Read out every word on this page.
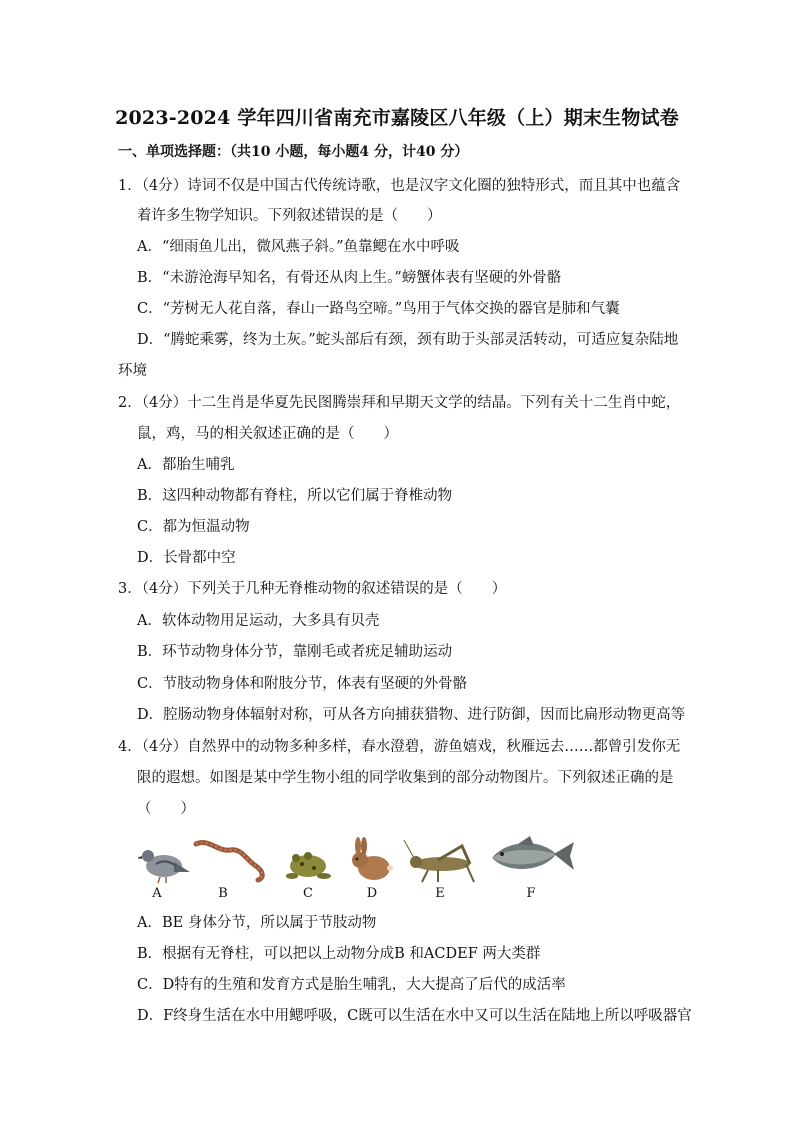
2023-2024 学年四川省南充市嘉陵区八年级（上）期末生物试卷
一、单项选择题：（共10 小题，每小题4 分，计40 分）
1．（4分）诗词不仅是中国古代传统诗歌，也是汉字文化圈的独特形式，而且其中也蕴含
着许多生物学知识。下列叙述错误的是（　　）
A．“细雨鱼儿出，微风燕子斜。”鱼靠鳃在水中呼吸
B．“未游沧海早知名，有骨还从肉上生。”螃蟹体表有坚硬的外骨骼
C．“芳树无人花自落，春山一路鸟空啼。”鸟用于气体交换的器官是肺和气囊
D．“腾蛇乘雾，终为土灰。”蛇头部后有颈，颈有助于头部灵活转动，可适应复杂陆地
环境
2．（4分）十二生肖是华夏先民图腾崇拜和早期天文学的结晶。下列有关十二生肖中蛇，
鼠，鸡，马的相关叙述正确的是（　　）
A．都胎生哺乳
B．这四种动物都有脊柱，所以它们属于脊椎动物
C．都为恒温动物
D．长骨都中空
3．（4分）下列关于几种无脊椎动物的叙述错误的是（　　）
A．软体动物用足运动，大多具有贝壳
B．环节动物身体分节，靠刚毛或者疣足辅助运动
C．节肢动物身体和附肢分节，体表有坚硬的外骨骼
D．腔肠动物身体辐射对称，可从各方向捕获猎物、进行防御，因而比扁形动物更高等
4．（4分）自然界中的动物多种多样，春水澄碧，游鱼嬉戏，秋雁远去……都曾引发你无
限的遐想。如图是某中学生物小组的同学收集到的部分动物图片。下列叙述正确的是
（　　）
A	B	C	D	E	F
A．BE 身体分节，所以属于节肢动物
B．根据有无脊柱，可以把以上动物分成B 和ACDEF 两大类群
C．D特有的生殖和发育方式是胎生哺乳，大大提高了后代的成活率
D．F终身生活在水中用鳃呼吸，C既可以生活在水中又可以生活在陆地上所以呼吸器官
